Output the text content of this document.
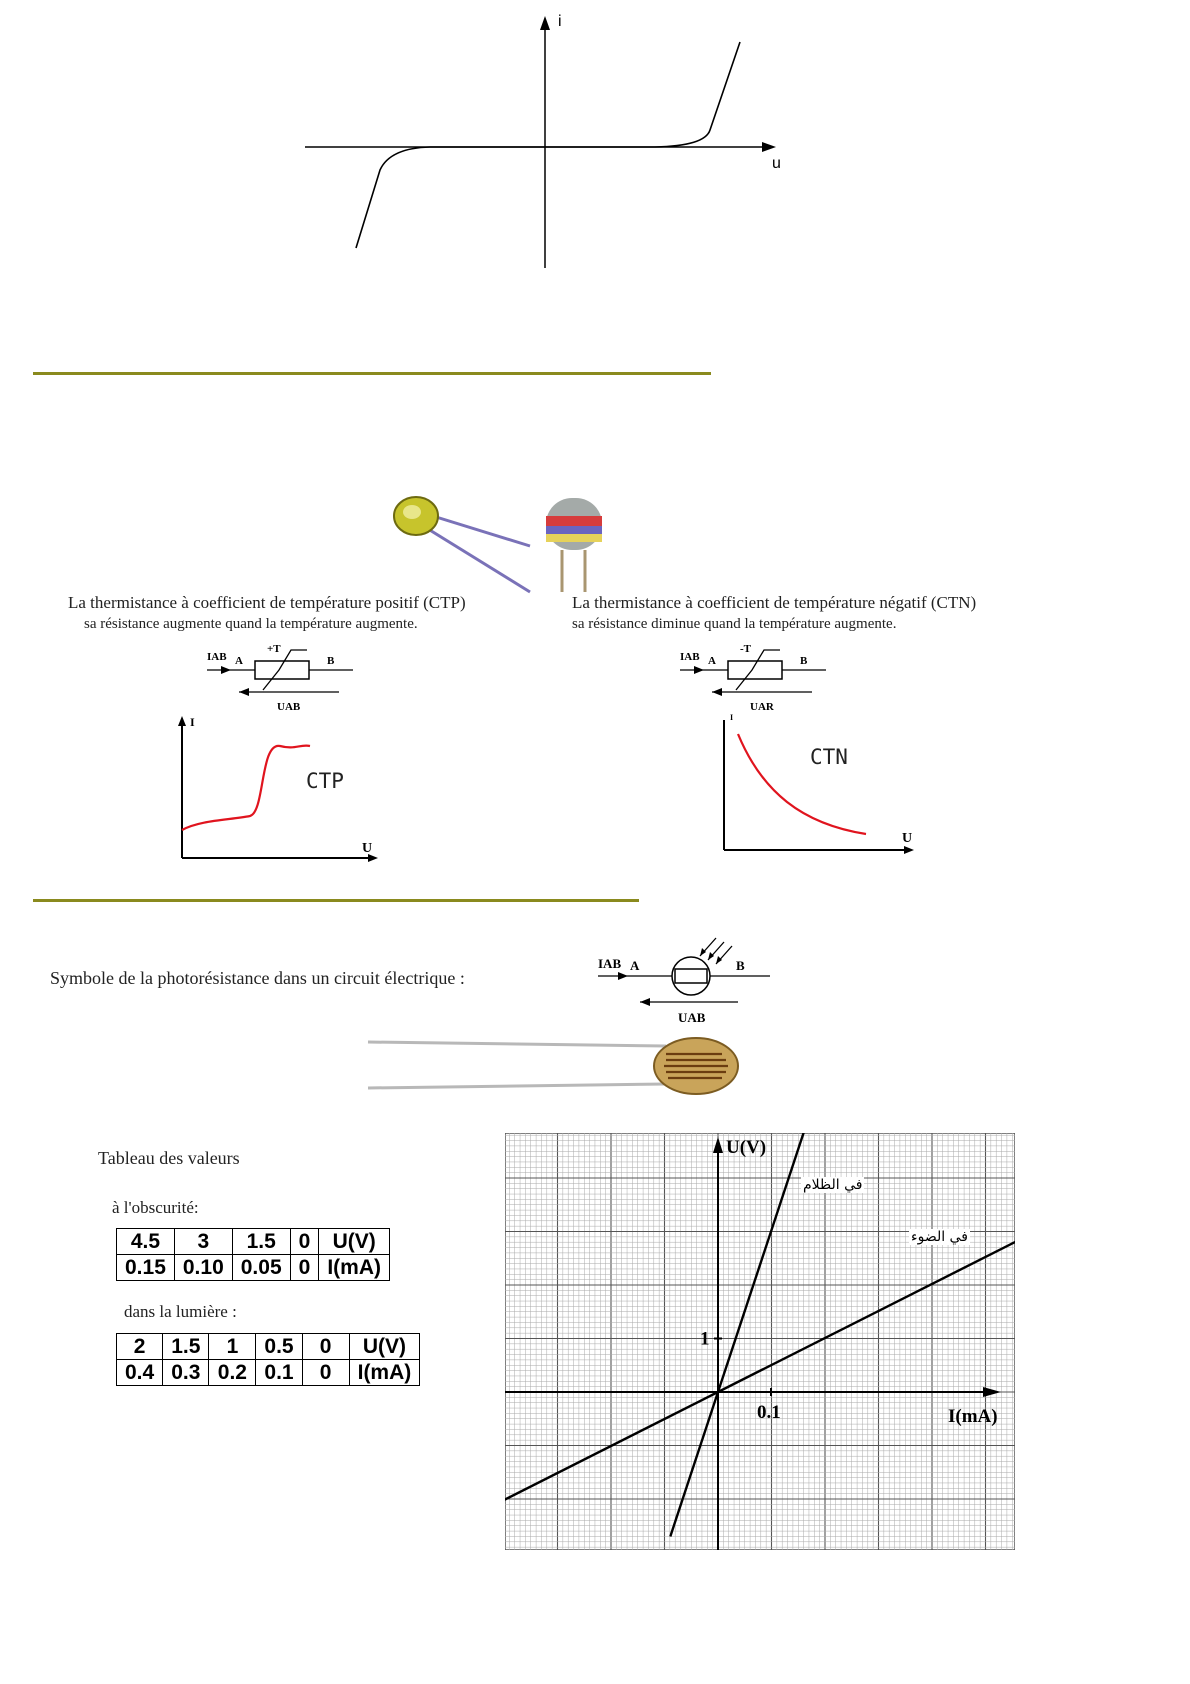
i
u
La thermistance à coefficient de température positif (CTP)
sa résistance augmente quand la température augmente.
IAB A	B
+T
UAB
I
U
CTP
La thermistance à coefficient de température négatif (CTN)
sa résistance diminue quand la température augmente.
IAB A	B
-T
UAR
I
U
CTN
Symbole de la photorésistance dans un circuit électrique :
IAB A	B
UAB
Tableau des valeurs
à l'obscurité:
4.5	3	1.5	0	U(V)
0.15	0.10	0.05	0	I(mA)
dans la lumière :
2	1.5	1	0.5	0	U(V)
0.4	0.3	0.2	0.1	0	I(mA)
U(V)
I(mA)
0.1
1
في الظلام
في الضوء
